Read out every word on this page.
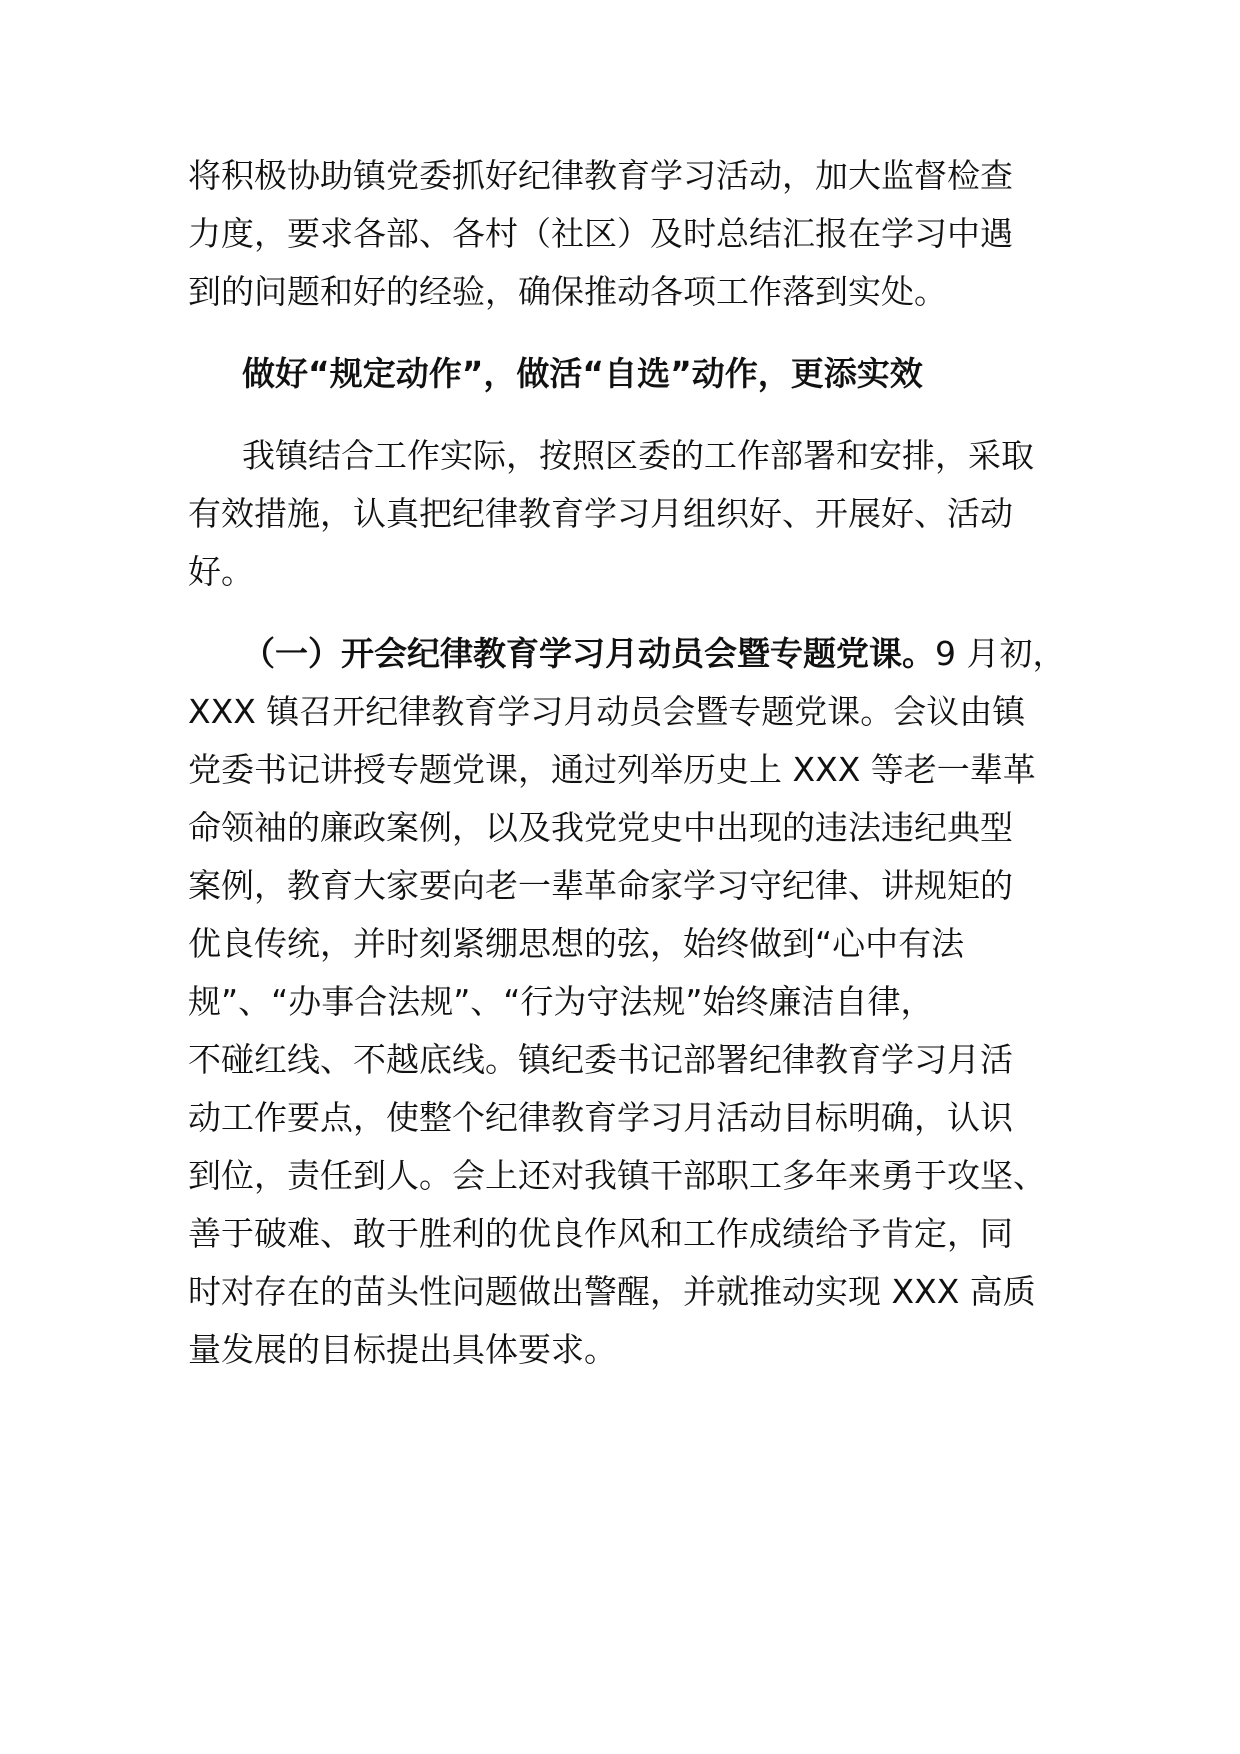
将积极协助镇党委抓好纪律教育学习活动，加大监督检查
力度，要求各部、各村（社区）及时总结汇报在学习中遇
到的问题和好的经验，确保推动各项工作落到实处。
做好“规定动作”，做活“自选”动作，更添实效
我镇结合工作实际，按照区委的工作部署和安排，采取
有效措施，认真把纪律教育学习月组织好、开展好、活动
好。
（一）开会纪律教育学习月动员会暨专题党课。9 月初，
XXX 镇召开纪律教育学习月动员会暨专题党课。会议由镇
党委书记讲授专题党课，通过列举历史上 XXX 等老一辈革
命领袖的廉政案例，以及我党党史中出现的违法违纪典型
案例，教育大家要向老一辈革命家学习守纪律、讲规矩的
优良传统，并时刻紧绷思想的弦，始终做到“心中有法
规”、“办事合法规”、“行为守法规”始终廉洁自律，
不碰红线、不越底线。镇纪委书记部署纪律教育学习月活
动工作要点，使整个纪律教育学习月活动目标明确，认识
到位，责任到人。会上还对我镇干部职工多年来勇于攻坚、
善于破难、敢于胜利的优良作风和工作成绩给予肯定，同
时对存在的苗头性问题做出警醒，并就推动实现 XXX 高质
量发展的目标提出具体要求。
